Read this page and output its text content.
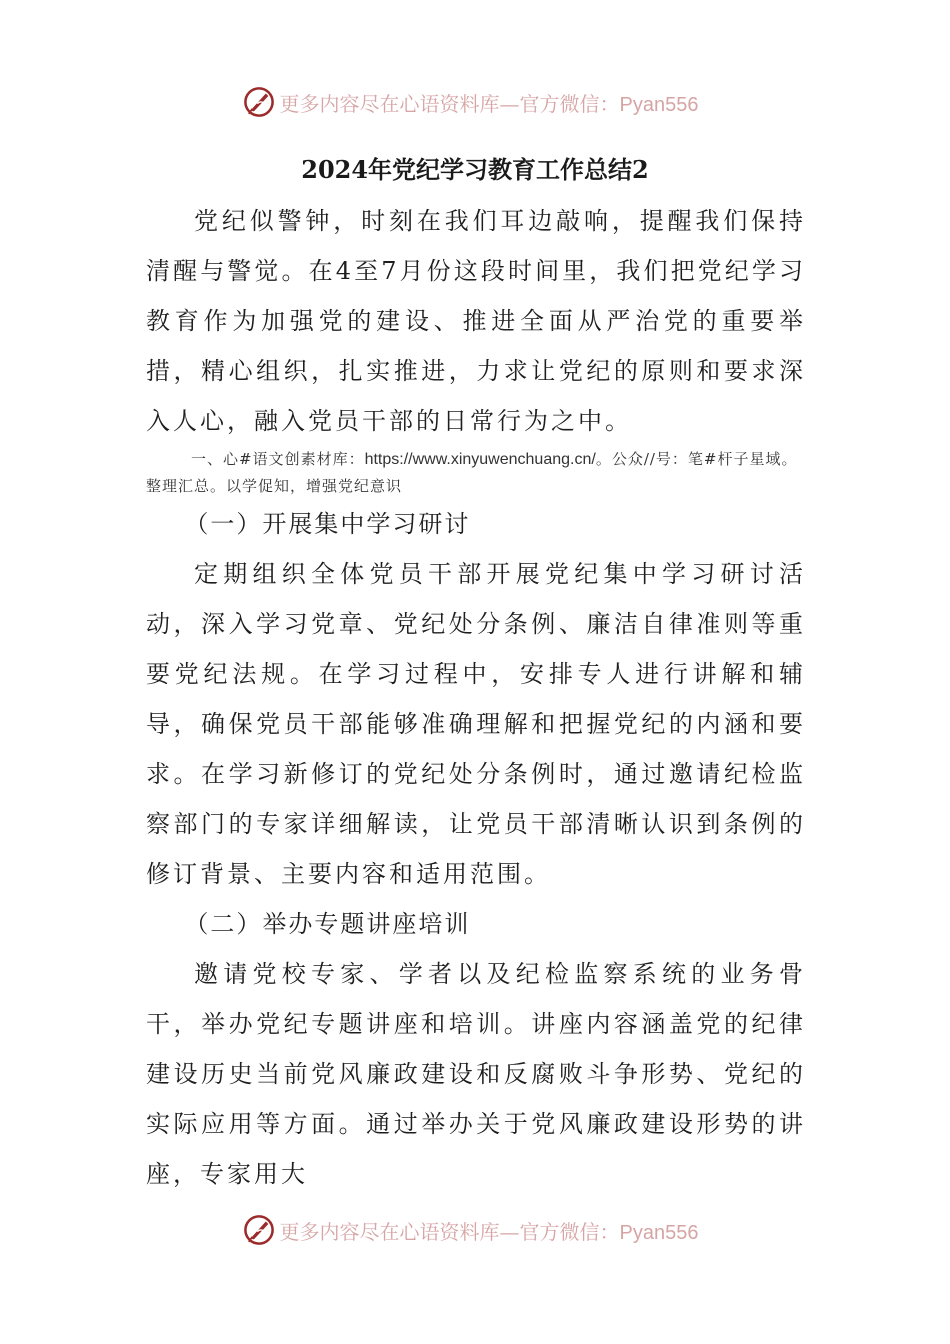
更多内容尽在心语资料库—官方微信：Pyan556
2024年党纪学习教育工作总结2

党纪似警钟，时刻在我们耳边敲响，提醒我们保持清醒与警觉。在4至7月份这段时间里，我们把党纪学习教育作为加强党的建设、推进全面从严治党的重要举措，精心组织，扎实推进，力求让党纪的原则和要求深入人心，融入党员干部的日常行为之中。

一、心#语文创素材库：https://www.xinyuwenchuang.cn/。公众//号：笔#杆子星域。整理汇总。以学促知，增强党纪意识

（一）开展集中学习研讨

定期组织全体党员干部开展党纪集中学习研讨活动，深入学习党章、党纪处分条例、廉洁自律准则等重要党纪法规。在学习过程中，安排专人进行讲解和辅导，确保党员干部能够准确理解和把握党纪的内涵和要求。在学习新修订的党纪处分条例时，通过邀请纪检监察部门的专家详细解读，让党员干部清晰认识到条例的修订背景、主要内容和适用范围。

（二）举办专题讲座培训

邀请党校专家、学者以及纪检监察系统的业务骨干，举办党纪专题讲座和培训。讲座内容涵盖党的纪律建设历史当前党风廉政建设和反腐败斗争形势、党纪的实际应用等方面。通过举办关于党风廉政建设形势的讲座，专家用大

更多内容尽在心语资料库—官方微信：Pyan556
